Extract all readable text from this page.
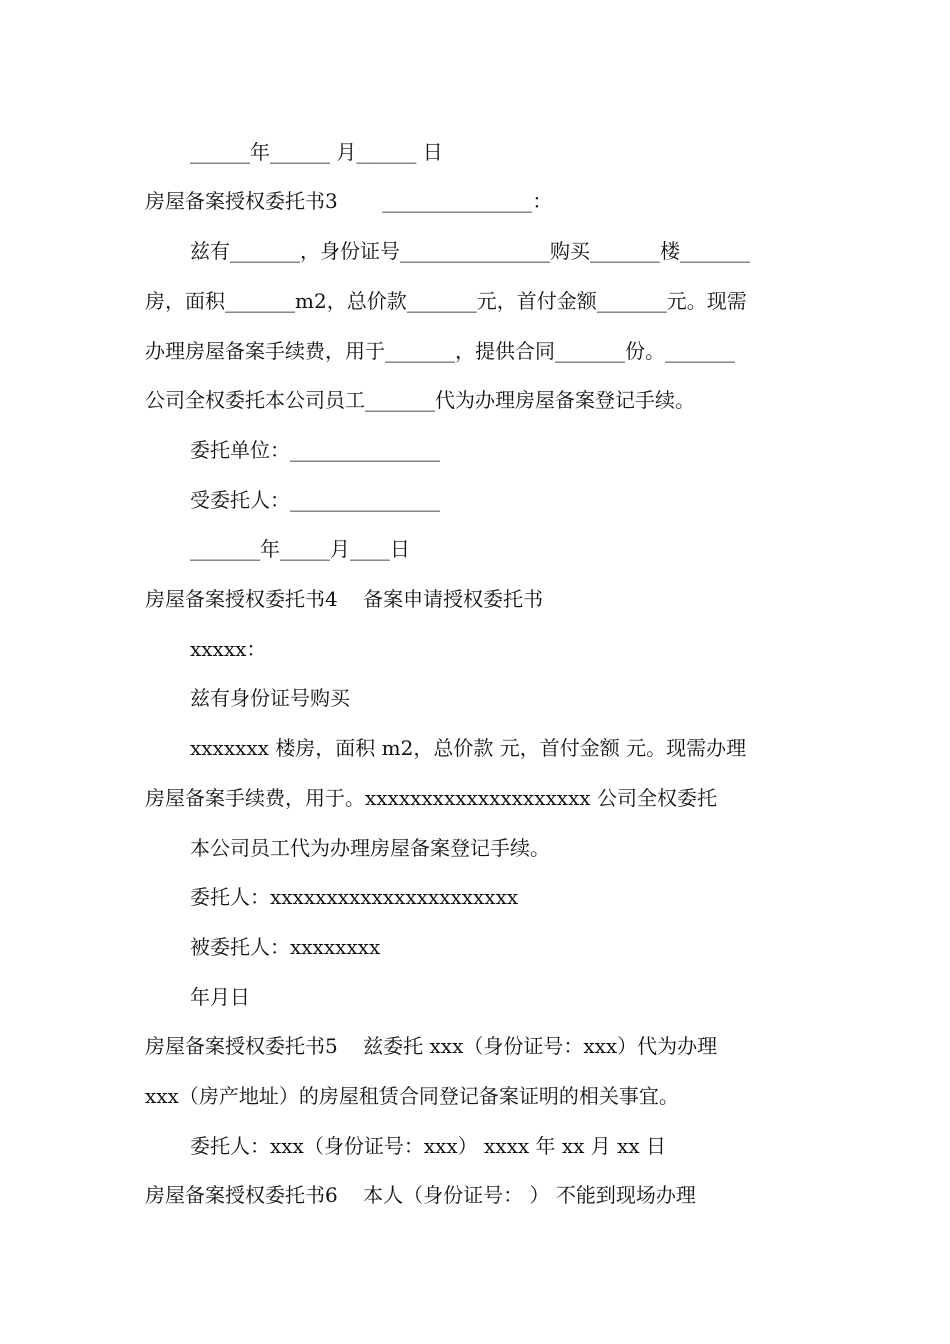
______年______ 月______ 日
房屋备案授权委托书3       _______________：
兹有_______，身份证号_______________购买_______楼_______
房，面积_______m2，总价款_______元，首付金额_______元。现需
办理房屋备案手续费，用于_______，提供合同_______份。_______
公司全权委托本公司员工_______代为办理房屋备案登记手续。
委托单位：_______________
受委托人：_______________
_______年_____月____日
房屋备案授权委托书4    备案申请授权委托书
xxxxx：
兹有身份证号购买
xxxxxxx 楼房，面积 m2，总价款 元，首付金额 元。现需办理
房屋备案手续费，用于。xxxxxxxxxxxxxxxxxxxx 公司全权委托
本公司员工代为办理房屋备案登记手续。
委托人：xxxxxxxxxxxxxxxxxxxxxx
被委托人：xxxxxxxx
年月日
房屋备案授权委托书5    兹委托 xxx（身份证号：xxx）代为办理
xxx（房产地址）的房屋租赁合同登记备案证明的相关事宜。
委托人：xxx（身份证号：xxx） xxxx 年 xx 月 xx 日
房屋备案授权委托书6    本人（身份证号： ） 不能到现场办理
